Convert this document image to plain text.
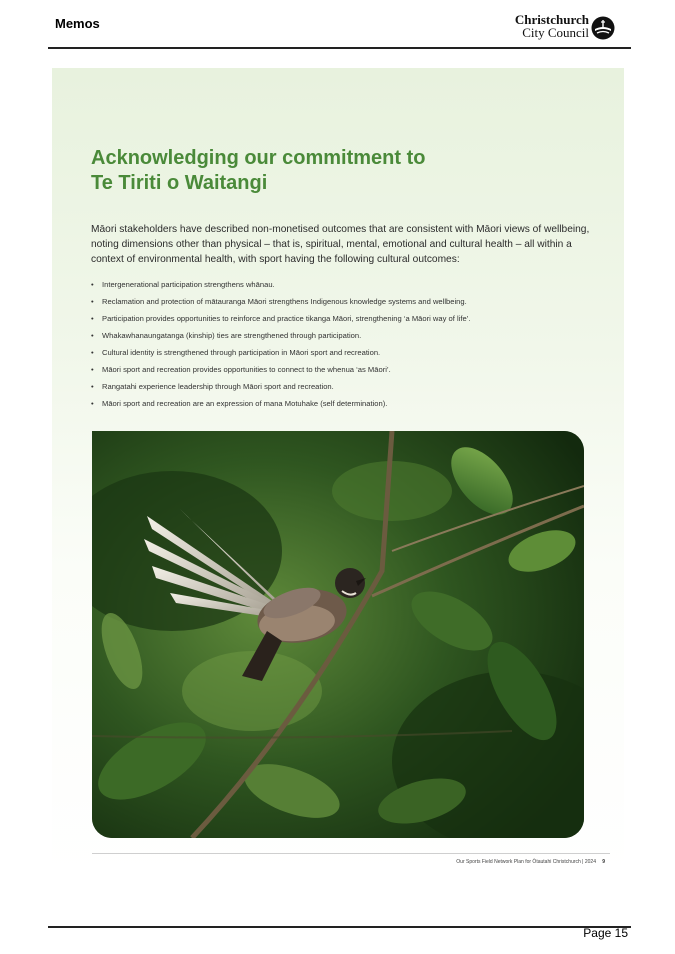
Memos	Christchurch
City Council
Acknowledging our commitment to
Te Tiriti o Waitangi
Māori stakeholders have described non-monetised outcomes that are consistent with Māori views of wellbeing, noting dimensions other than physical – that is, spiritual, mental, emotional and cultural health – all within a context of environmental health, with sport having the following cultural outcomes:
• Intergenerational participation strengthens whānau.
• Reclamation and protection of mātauranga Māori strengthens Indigenous knowledge systems and wellbeing.
• Participation provides opportunities to reinforce and practice tikanga Māori, strengthening ‘a Māori way of life’.
• Whakawhanaungatanga (kinship) ties are strengthened through participation.
• Cultural identity is strengthened through participation in Māori sport and recreation.
• Māori sport and recreation provides opportunities to connect to the whenua ‘as Māori’.
• Rangatahi experience leadership through Māori sport and recreation.
• Māori sport and recreation are an expression of mana Motuhake (self determination).
Our Sports Field Network Plan for Ōtautahi Christchurch | 2024 9
Page 15
